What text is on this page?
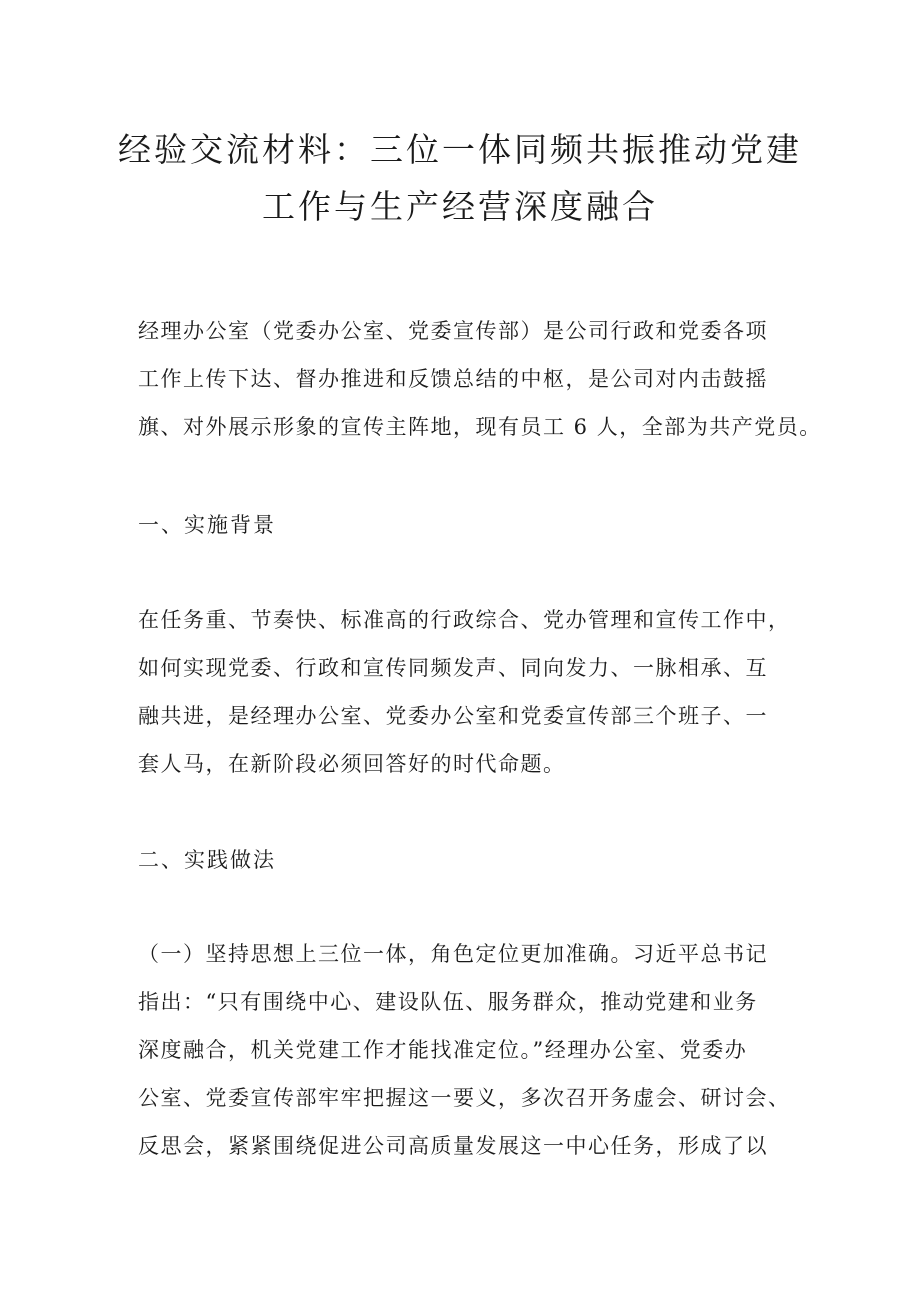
经验交流材料：三位一体同频共振推动党建
工作与生产经营深度融合
经理办公室（党委办公室、党委宣传部）是公司行政和党委各项
工作上传下达、督办推进和反馈总结的中枢，是公司对内击鼓摇
旗、对外展示形象的宣传主阵地，现有员工 6 人，全部为共产党员。
一、实施背景
在任务重、节奏快、标准高的行政综合、党办管理和宣传工作中，
如何实现党委、行政和宣传同频发声、同向发力、一脉相承、互
融共进，是经理办公室、党委办公室和党委宣传部三个班子、一
套人马，在新阶段必须回答好的时代命题。
二、实践做法
（一）坚持思想上三位一体，角色定位更加准确。习近平总书记
指出：“只有围绕中心、建设队伍、服务群众，推动党建和业务
深度融合，机关党建工作才能找准定位。”经理办公室、党委办
公室、党委宣传部牢牢把握这一要义，多次召开务虚会、研讨会、
反思会，紧紧围绕促进公司高质量发展这一中心任务，形成了以
